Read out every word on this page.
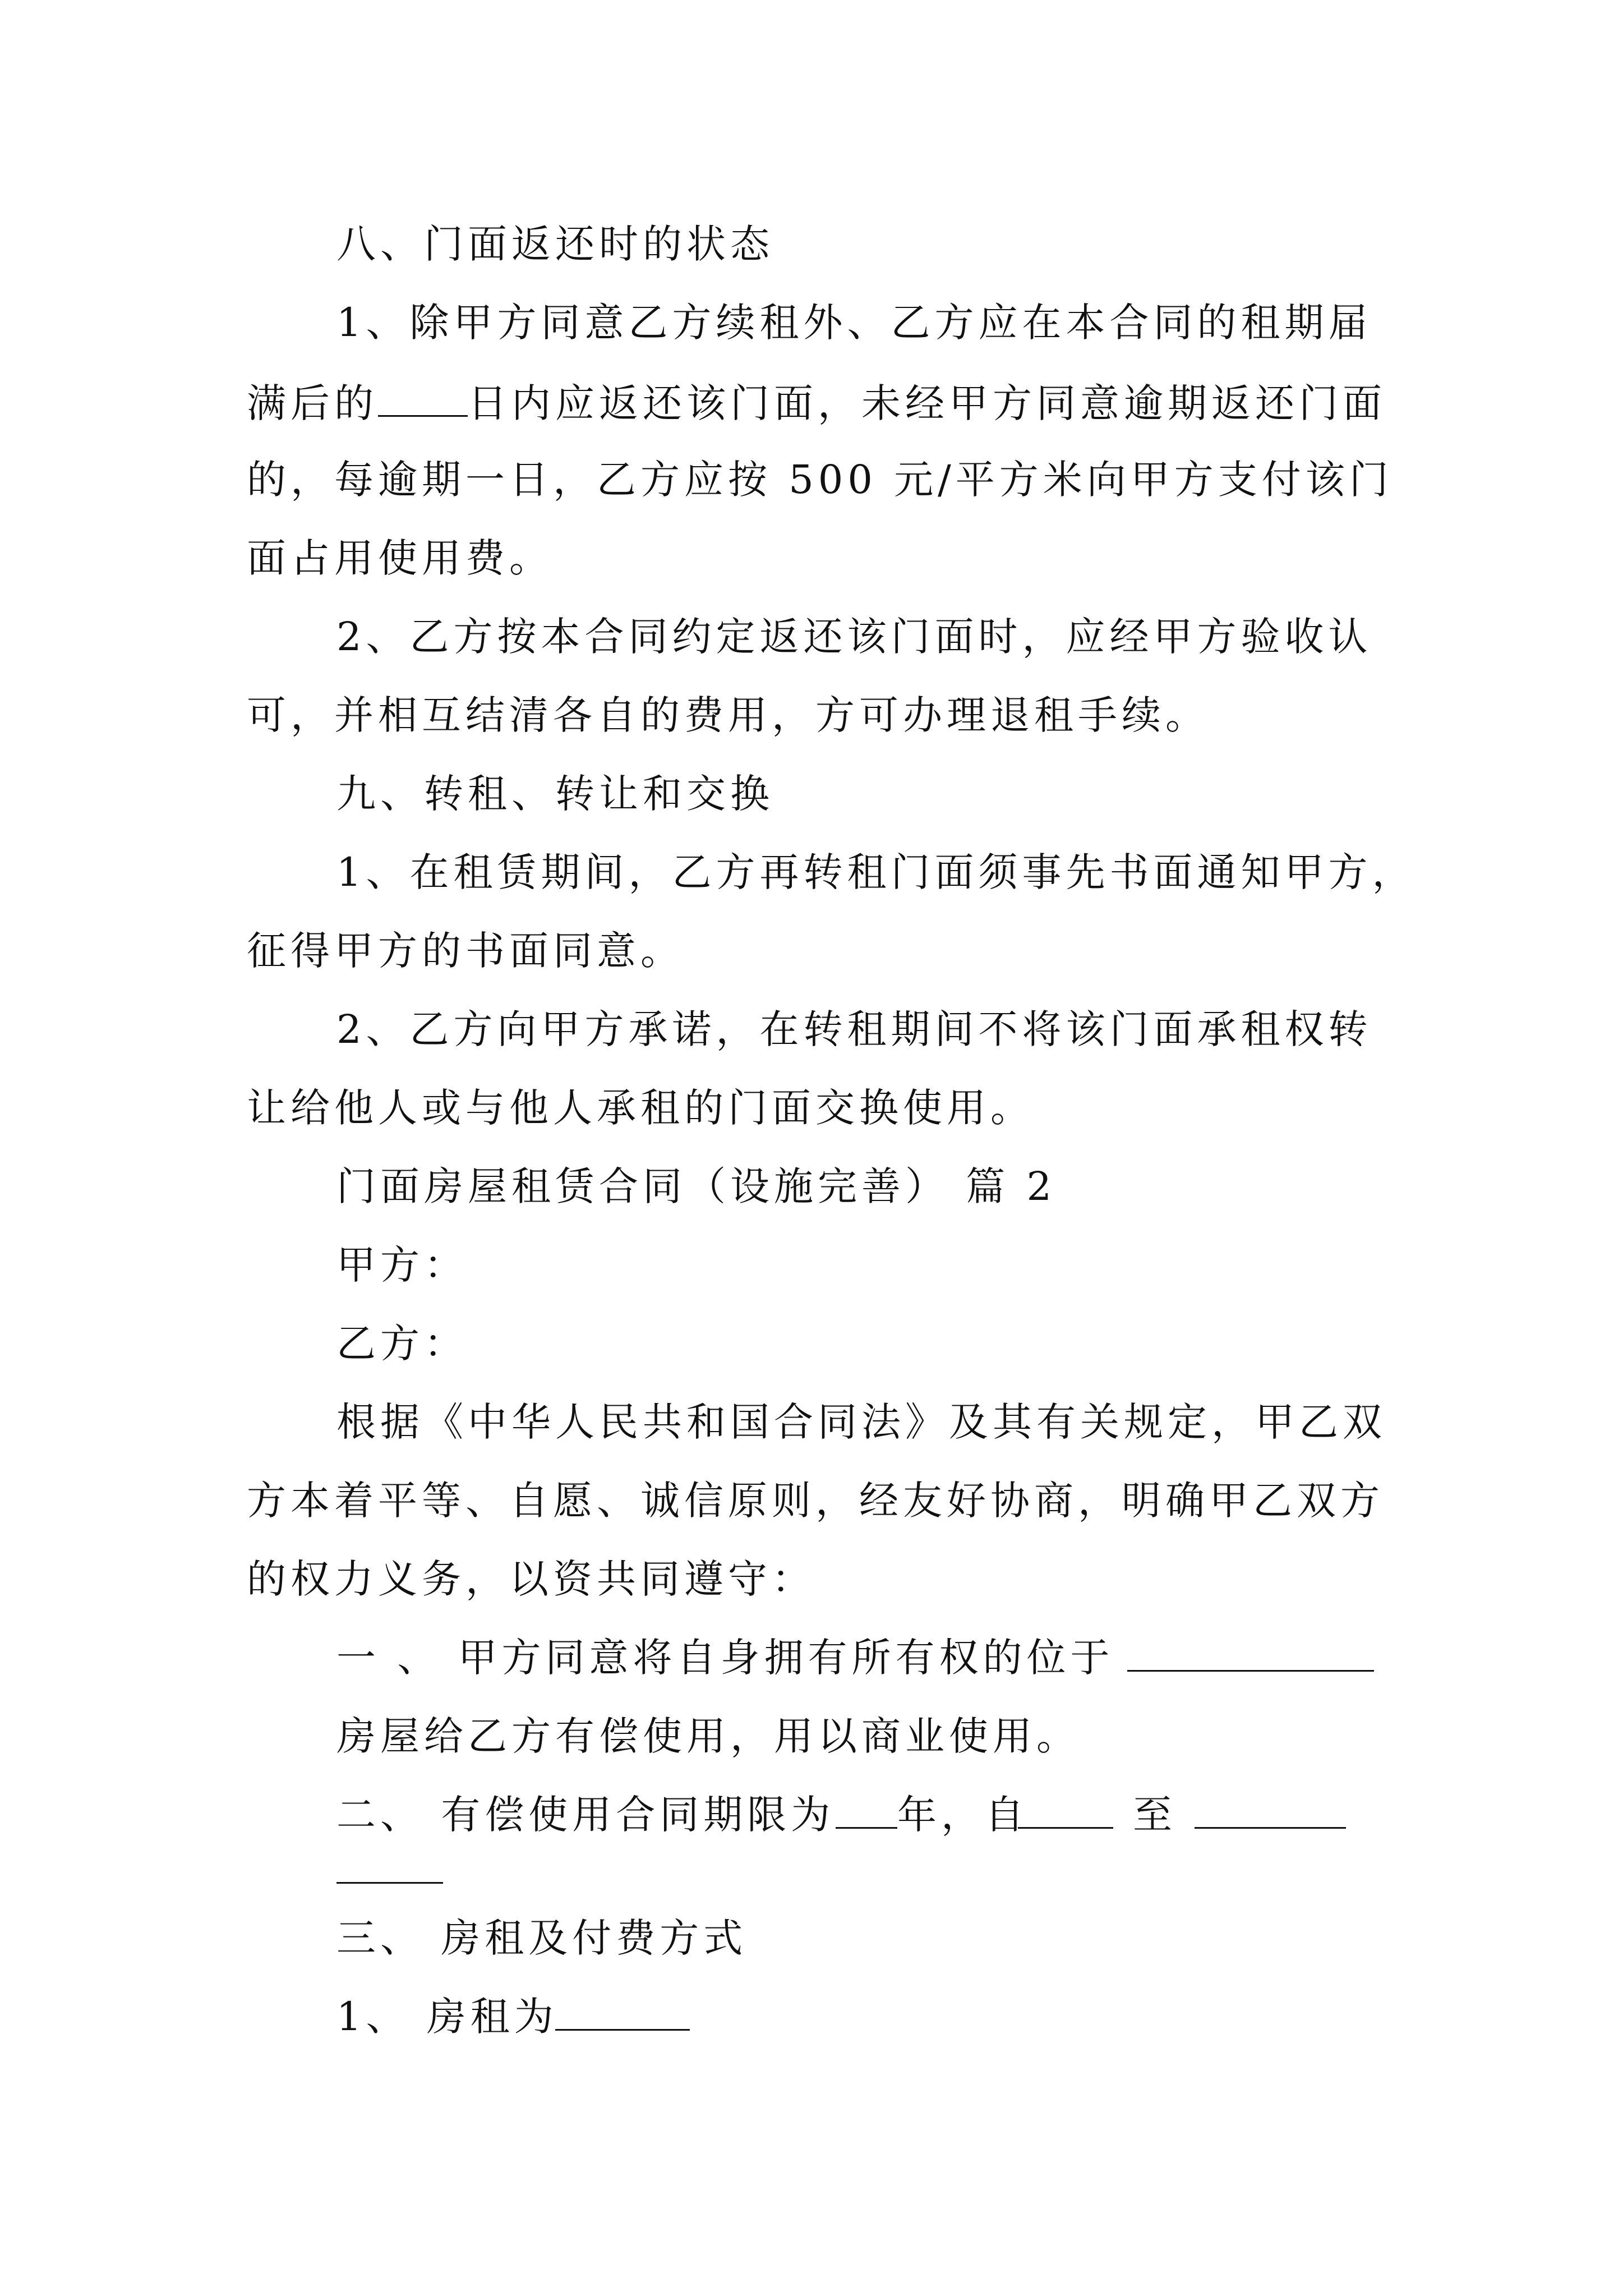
八、门面返还时的状态
1、除甲方同意乙方续租外、乙方应在本合同的租期届
满后的 日内应返还该门面，未经甲方同意逾期返还门面
的，每逾期一日，乙方应按 500 元/平方米向甲方支付该门
面占用使用费。
2、乙方按本合同约定返还该门面时，应经甲方验收认
可，并相互结清各自的费用，方可办理退租手续。
九、转租、转让和交换
1、在租赁期间，乙方再转租门面须事先书面通知甲方，
征得甲方的书面同意。
2、乙方向甲方承诺，在转租期间不将该门面承租权转
让给他人或与他人承租的门面交换使用。
门面房屋租赁合同（设施完善） 篇 2
甲方：
乙方：
根据《中华人民共和国合同法》及其有关规定，甲乙双
方本着平等、自愿、诚信原则，经友好协商，明确甲乙双方
的权力义务，以资共同遵守：
一 、 甲方同意将自身拥有所有权的位于
房屋给乙方有偿使用，用以商业使用。
二、 有偿使用合同期限为 年，自	至
三、 房租及付费方式
1、 房租为
